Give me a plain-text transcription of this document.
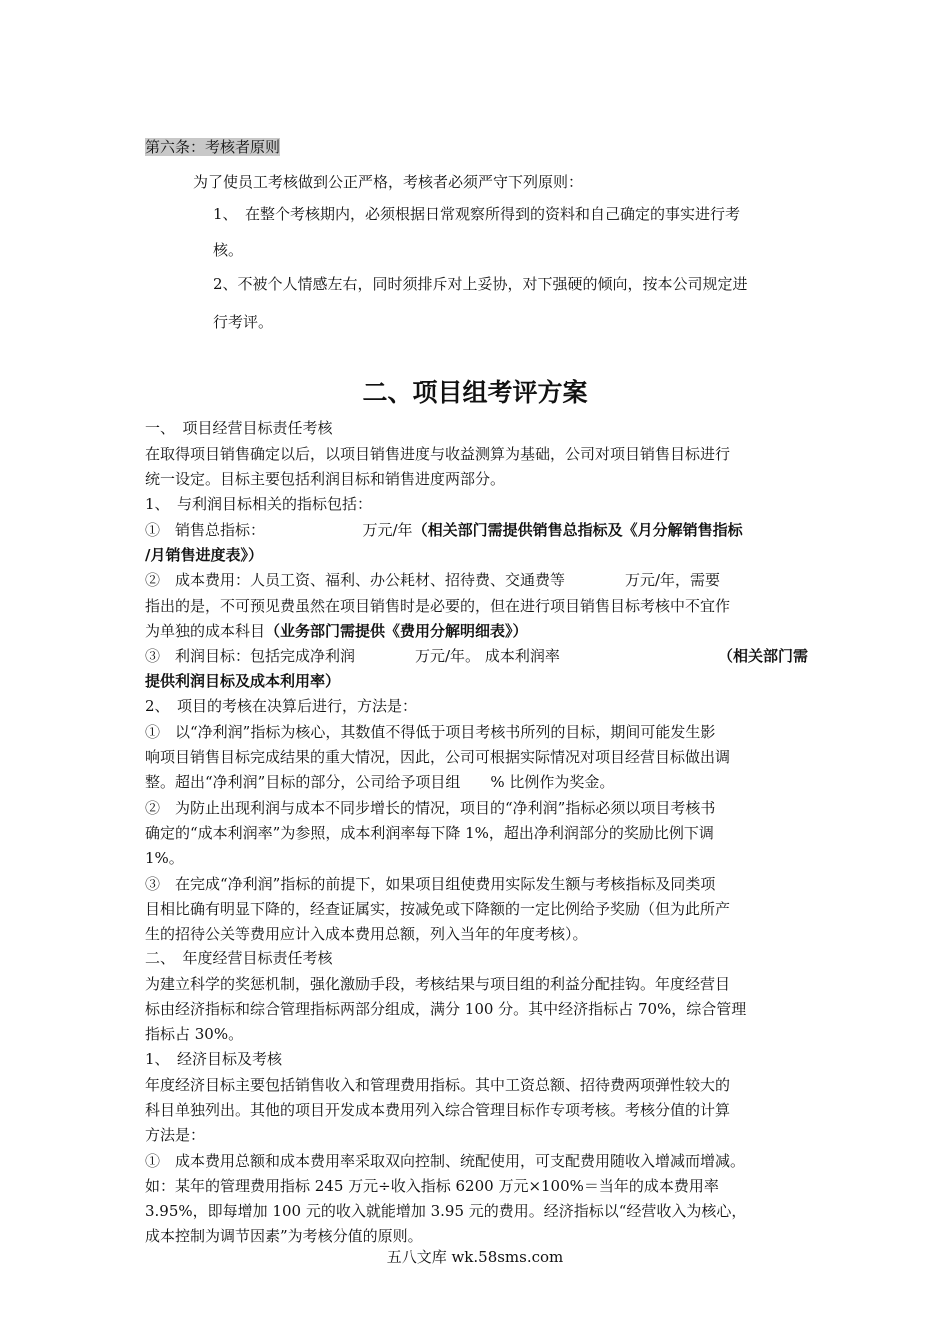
第六条：考核者原则
为了使员工考核做到公正严格，考核者必须严守下列原则：
1、　在整个考核期内，必须根据日常观察所得到的资料和自己确定的事实进行考
核。
2、不被个人情感左右，同时须排斥对上妥协，对下强硬的倾向，按本公司规定进
行考评。
二、项目组考评方案
一、　项目经营目标责任考核
在取得项目销售确定以后，以项目销售进度与收益测算为基础，公司对项目销售目标进行
统一设定。目标主要包括利润目标和销售进度两部分。
1、　与利润目标相关的指标包括：
①　销售总指标：　　　　　　　万元/年（相关部门需提供销售总指标及《月分解销售指标
/月销售进度表》）
②　成本费用：人员工资、福利、办公耗材、招待费、交通费等　　　　万元/年，需要
指出的是，不可预见费虽然在项目销售时是必要的，但在进行项目销售目标考核中不宜作
为单独的成本科目（业务部门需提供《费用分解明细表》）
③　利润目标：包括完成净利润　　　　万元/年。 成本利润率	（相关部门需
提供利润目标及成本利用率）
2、　项目的考核在决算后进行，方法是：
①　以“净利润”指标为核心，其数值不得低于项目考核书所列的目标，期间可能发生影
响项目销售目标完成结果的重大情况，因此，公司可根据实际情况对项目经营目标做出调
整。超出“净利润”目标的部分，公司给予项目组　　% 比例作为奖金。
②　为防止出现利润与成本不同步增长的情况，项目的“净利润”指标必须以项目考核书
确定的“成本利润率”为参照，成本利润率每下降 1%，超出净利润部分的奖励比例下调
1%。
③　在完成“净利润”指标的前提下，如果项目组使费用实际发生额与考核指标及同类项
目相比确有明显下降的，经查证属实，按减免或下降额的一定比例给予奖励（但为此所产
生的招待公关等费用应计入成本费用总额，列入当年的年度考核）。
二、　年度经营目标责任考核
为建立科学的奖惩机制，强化激励手段，考核结果与项目组的利益分配挂钩。年度经营目
标由经济指标和综合管理指标两部分组成，满分 100 分。其中经济指标占 70%，综合管理
指标占 30%。
1、　经济目标及考核
年度经济目标主要包括销售收入和管理费用指标。其中工资总额、招待费两项弹性较大的
科目单独列出。其他的项目开发成本费用列入综合管理目标作专项考核。考核分值的计算
方法是：
①　成本费用总额和成本费用率采取双向控制、统配使用，可支配费用随收入增减而增减。
如：某年的管理费用指标 245 万元÷收入指标 6200 万元×100%＝当年的成本费用率
3.95%，即每增加 100 元的收入就能增加 3.95 元的费用。经济指标以“经营收入为核心，
成本控制为调节因素”为考核分值的原则。
五八文库 wk.58sms.com
